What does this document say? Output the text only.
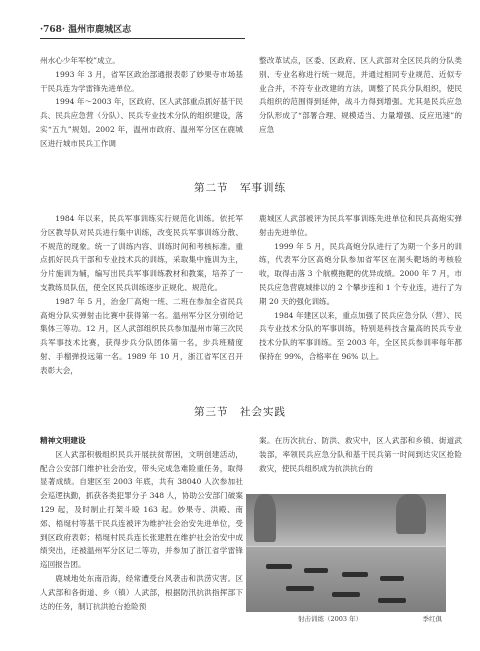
·768· 温州市鹿城区志

州水心少年军校”成立。

1993 年 3 月，省军区政治部通报表彰了妙果寺市场基干民兵连为学雷锋先进单位。

1994 年～2003 年，区政府、区人武部重点抓好基干民兵、民兵应急营（分队）、民兵专业技术分队的组织建设，落实“五九”规划。2002 年，温州市政府、温州军分区在鹿城区进行城市民兵工作调

整改革试点，区委、区政府、区人武部对全区民兵的分队类别、专业名称进行统一规范，并通过相同专业规范、近似专业合并，不符专业改建的方法，调整了民兵分队组织，使民兵组织的范围得到延伸，战斗力得到增强。尤其是民兵应急分队形成了“部署合理、规模适当、力量增强、反应迅速”的应急

第二节　军事训练

1984 年以来，民兵军事训练实行规范化训练。依托军分区教导队对民兵进行集中训练，改变民兵军事训练分散、不规范的现象。统一了训练内容、训练时间和考核标准。重点抓好民兵干部和专业技术兵的训练，采取集中施训为主，分片施训为辅，编写出民兵军事训练教材和教案，培养了一支教练员队伍，使全区民兵训练逐步正规化、规范化。

1987 年 5 月，治金厂高炮一班、二班在参加全省民兵高炮分队实弹射击比赛中获得第一名。温州军分区分别给记集体三等功。12 月，区人武部组织民兵参加温州市第三次民兵军事技术比赛，获得步兵分队团体第一名，步兵班精度射、手榴弹投远第一名。1989 年 10 月，浙江省军区召开表彰大会，

鹿城区人武部被评为民兵军事训练先进单位和民兵高炮实弹射击先进单位。

1999 年 5 月，民兵高炮分队进行了为期一个多月的训练，代表军分区高炮分队参加省军区在洞头靶场的考核验收，取得击落 3 个航模拖靶的优异成绩。2000 年 7 月，市民兵应急营鹿城排以的 2 个攀步连和 1 个专业连，进行了为期 20 天的强化训练。

1984 年建区以来，重点加强了民兵应急分队（营）、民兵专业技术分队的军事训练，特别是科技含量高的民兵专业技术分队的军事训练。至 2003 年，全区民兵参训率每年都保持在 99%，合格率在 96% 以上。

第三节　社会实践

精神文明建设

区人武部积极组织民兵开展扶贫帮困，文明创建活动，配合公安部门维护社会治安，带头完成急难险重任务，取得显著成绩。自建区至 2003 年底，共有 38040 人次参加社会巡逻执勤，抓获各类犯罪分子 348 人，协助公安部门破案 129 起，及时制止打架斗殴 163 起。妙果寺、洪殿、南郊、梧埏村等基干民兵连被评为维护社会治安先进单位，受到区政府表彰；梧埏村民兵连长张建胜在维护社会治安中成绩突出，还被温州军分区记二等功，并参加了浙江省学雷锋巡回报告团。

鹿城地处东南沿海，经常遭受台风袭击和洪涝灾害。区人武部和各街道、乡（镇）人武部，根据防汛抗洪指挥部下达的任务，制订抗洪抢台抢险预

案。在历次抗台、防洪、救灾中，区人武部和乡镇、街道武装部，率领民兵应急分队和基干民兵第一时间到达灾区抢险救灾，使民兵组织成为抗洪抗台的

射击训练（2003 年）	季红俱
